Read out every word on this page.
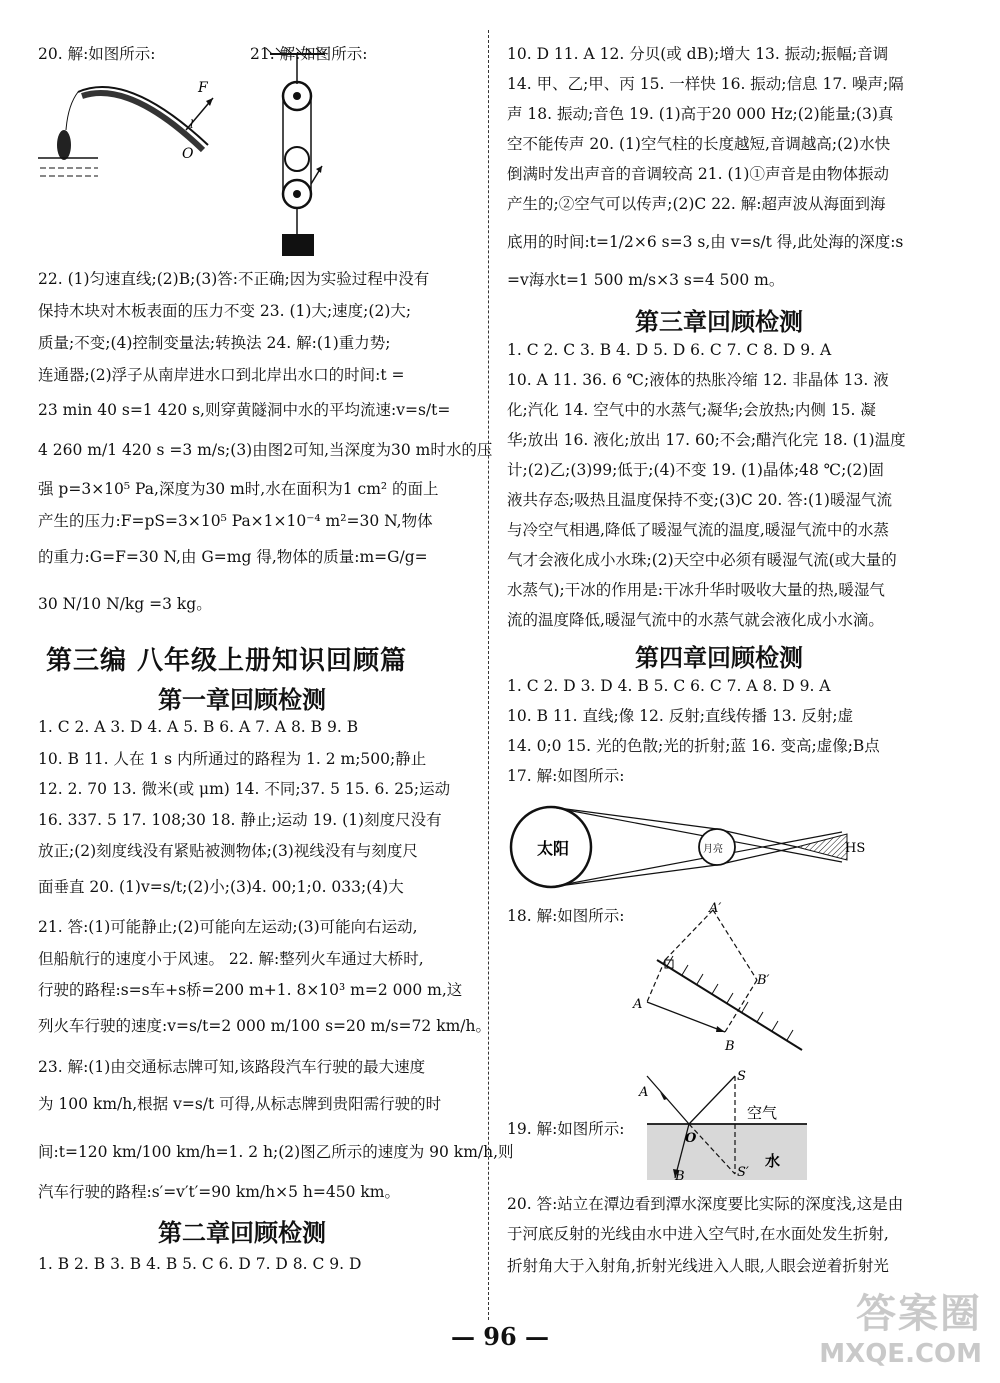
20. 解:如图所示:	21. 解:如图所示:
F
l
O
22. (1)匀速直线;(2)B;(3)答:不正确;因为实验过程中没有
保持木块对木板表面的压力不变 23. (1)大;速度;(2)大;
质量;不变;(4)控制变量法;转换法 24. 解:(1)重力势;
连通器;(2)浮子从南岸进水口到北岸出水口的时间:t =
23 min 40 s=1 420 s,则穿黄隧洞中水的平均流速:v=s/t=
4 260 m/1 420 s =3 m/s;(3)由图2可知,当深度为30 m时水的压
强 p=3×10⁵ Pa,深度为30 m时,水在面积为1 cm² 的面上
产生的压力:F=pS=3×10⁵ Pa×1×10⁻⁴ m²=30 N,物体
的重力:G=F=30 N,由 G=mg 得,物体的质量:m=G/g=
30 N/10 N/kg =3 kg。
第三编 八年级上册知识回顾篇
第一章回顾检测
1. C 2. A 3. D 4. A 5. B 6. A 7. A 8. B 9. B
10. B 11. 人在 1 s 内所通过的路程为 1. 2 m;500;静止
12. 2. 70 13. 微米(或 μm) 14. 不同;37. 5 15. 6. 25;运动
16. 337. 5 17. 108;30 18. 静止;运动 19. (1)刻度尺没有
放正;(2)刻度线没有紧贴被测物体;(3)视线没有与刻度尺
面垂直 20. (1)v=s/t;(2)小;(3)4. 00;1;0. 033;(4)大
21. 答:(1)可能静止;(2)可能向左运动;(3)可能向右运动,
但船航行的速度小于风速。 22. 解:整列火车通过大桥时,
行驶的路程:s=s车+s桥=200 m+1. 8×10³ m=2 000 m,这
列火车行驶的速度:v=s/t=2 000 m/100 s=20 m/s=72 km/h。
23. 解:(1)由交通标志牌可知,该路段汽车行驶的最大速度
为 100 km/h,根据 v=s/t 可得,从标志牌到贵阳需行驶的时
间:t=120 km/100 km/h=1. 2 h;(2)图乙所示的速度为 90 km/h,则
汽车行驶的路程:s′=v′t′=90 km/h×5 h=450 km。
第二章回顾检测
1. B 2. B 3. B 4. B 5. C 6. D 7. D 8. C 9. D
10. D 11. A 12. 分贝(或 dB);增大 13. 振动;振幅;音调
14. 甲、乙;甲、丙 15. 一样快 16. 振动;信息 17. 噪声;隔
声 18. 振动;音色 19. (1)高于20 000 Hz;(2)能量;(3)真
空不能传声 20. (1)空气柱的长度越短,音调越高;(2)水快
倒满时发出声音的音调较高 21. (1)①声音是由物体振动
产生的;②空气可以传声;(2)C 22. 解:超声波从海面到海
底用的时间:t=1/2×6 s=3 s,由 v=s/t 得,此处海的深度:s
=v海水t=1 500 m/s×3 s=4 500 m。
第三章回顾检测
1. C 2. C 3. B 4. D 5. D 6. C 7. C 8. D 9. A
10. A 11. 36. 6 ℃;液体的热胀冷缩 12. 非晶体 13. 液
化;汽化 14. 空气中的水蒸气;凝华;会放热;内侧 15. 凝
华;放出 16. 液化;放出 17. 60;不会;醋汽化完 18. (1)温度
计;(2)乙;(3)99;低于;(4)不变 19. (1)晶体;48 ℃;(2)固
液共存态;吸热且温度保持不变;(3)C 20. 答:(1)暖湿气流
与冷空气相遇,降低了暖湿气流的温度,暖湿气流中的水蒸
气才会液化成小水珠;(2)天空中必须有暖湿气流(或大量的
水蒸气);干冰的作用是:干冰升华时吸收大量的热,暖湿气
流的温度降低,暖湿气流中的水蒸气就会液化成小水滴。
第四章回顾检测
1. C 2. D 3. D 4. B 5. C 6. C 7. A 8. D 9. A
10. B 11. 直线;像 12. 反射;直线传播 13. 反射;虚
14. 0;0 15. 光的色散;光的折射;蓝 16. 变高;虚像;B点
17. 解:如图所示:
太阳	月亮	HS
18. 解:如图所示:	A′
B′
A
B
A
S
空气
O
B	S′
水
19. 解:如图所示:
20. 答:站立在潭边看到潭水深度要比实际的深度浅,这是由
于河底反射的光线由水中进入空气时,在水面处发生折射,
折射角大于入射角,折射光线进入人眼,人眼会逆着折射光
— 96 —	答案圈
MXQE.COM
